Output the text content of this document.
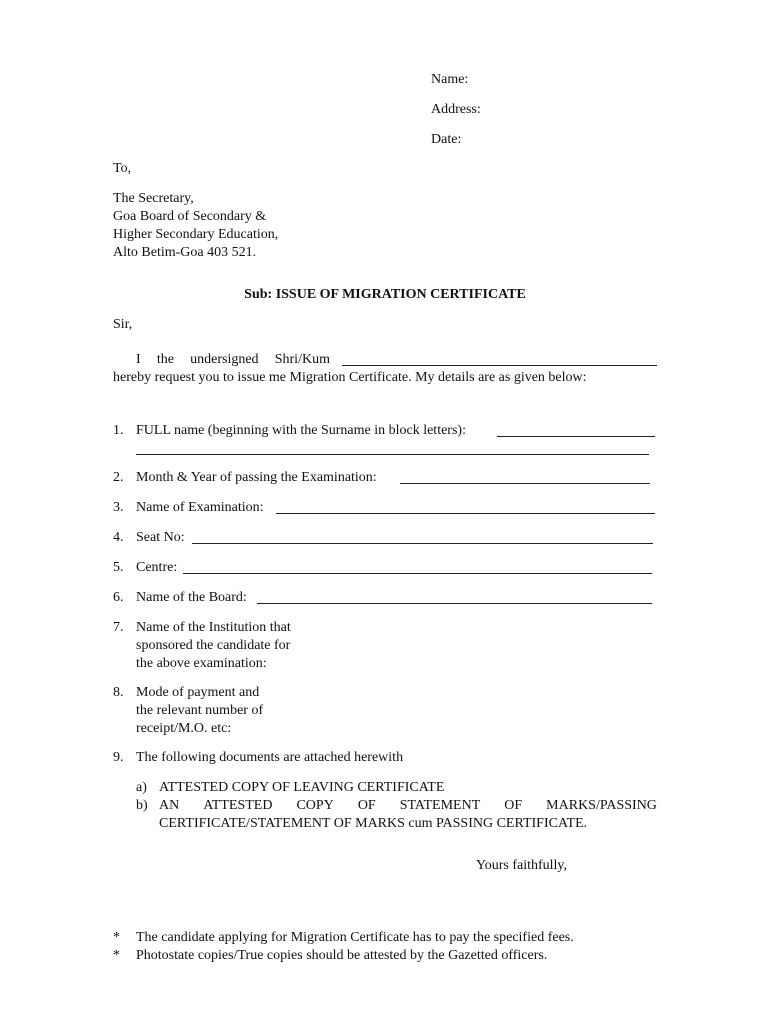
Name:
Address:
Date:
To,
The Secretary,
Goa Board of Secondary &
Higher Secondary Education,
Alto Betim-Goa 403 521.
Sub: ISSUE OF MIGRATION CERTIFICATE
Sir,
I the undersigned Shri/Kum
hereby request you to issue me Migration Certificate. My details are as given below:
1. FULL name (beginning with the Surname in block letters):
2. Month & Year of passing the Examination:
3. Name of Examination:
4. Seat No:
5. Centre:
6. Name of the Board:
7. Name of the Institution that
sponsored the candidate for
the above examination:
8. Mode of payment and
the relevant number of
receipt/M.O. etc:
9. The following documents are attached herewith
a) ATTESTED COPY OF LEAVING CERTIFICATE
b) AN ATTESTED COPY OF STATEMENT OF MARKS/PASSING
CERTIFICATE/STATEMENT OF MARKS cum PASSING CERTIFICATE.
Yours faithfully,
* The candidate applying for Migration Certificate has to pay the specified fees.
* Photostate copies/True copies should be attested by the Gazetted officers.
